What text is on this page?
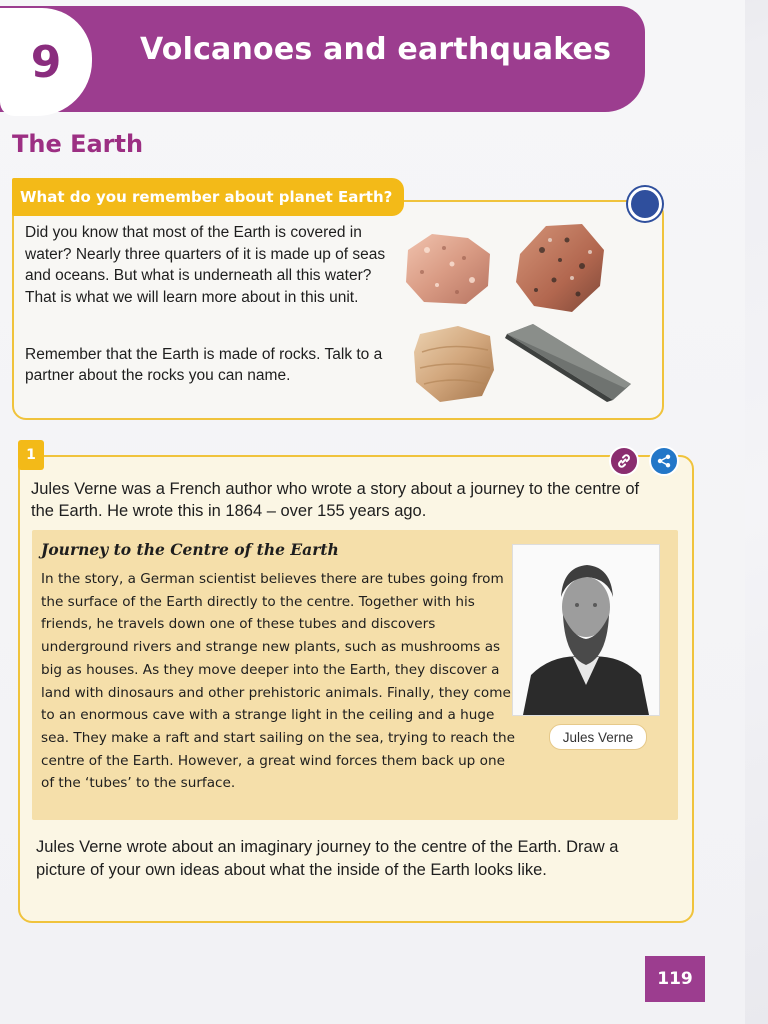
9	Volcanoes and earthquakes
The Earth
What do you remember about planet Earth?

Did you know that most of the Earth is covered in water? Nearly three quarters of it is made up of seas and oceans. But what is underneath all this water? That is what we will learn more about in this unit.

Remember that the Earth is made of rocks. Talk to a partner about the rocks you can name.

1

Jules Verne was a French author who wrote a story about a journey to the centre of the Earth. He wrote this in 1864 – over 155 years ago.

Journey to the Centre of the Earth

In the story, a German scientist believes there are tubes going from the surface of the Earth directly to the centre. Together with his friends, he travels down one of these tubes and discovers underground rivers and strange new plants, such as mushrooms as big as houses. As they move deeper into the Earth, they discover a land with dinosaurs and other prehistoric animals. Finally, they come to an enormous cave with a strange light in the ceiling and a huge sea. They make a raft and start sailing on the sea, trying to reach the centre of the Earth. However, a great wind forces them back up one of the ‘tubes’ to the surface.

Jules Verne

Jules Verne wrote about an imaginary journey to the centre of the Earth. Draw a picture of your own ideas about what the inside of the Earth looks like.

119
